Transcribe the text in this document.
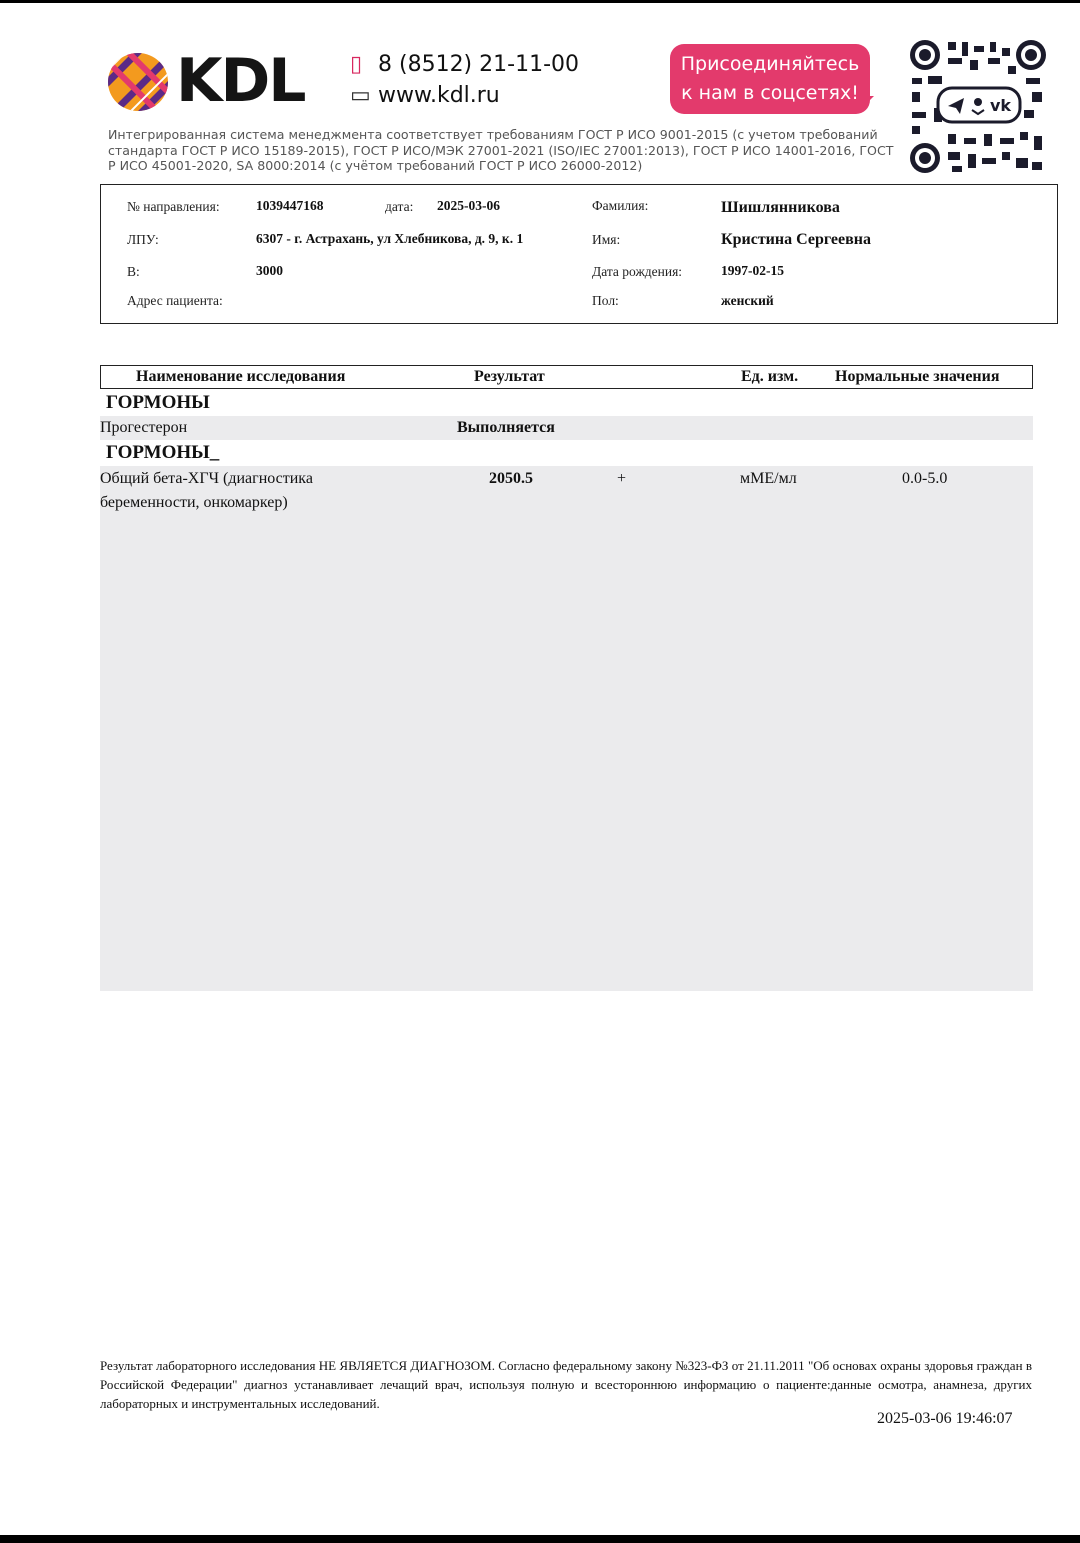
KDL ▯ 8 (8512) 21-11-00
▭ www.kdl.ru
Присоединяйтесь
к нам в соцсетях!
vk
Интегрированная система менеджмента соответствует требованиям ГОСТ Р ИСО 9001-2015 (с учетом требований стандарта ГОСТ Р ИСО 15189-2015), ГОСТ Р ИСО/МЭК 27001-2021 (ISO/IEC 27001:2013), ГОСТ Р ИСО 14001-2016, ГОСТ Р ИСО 45001-2020, SA 8000:2014 (с учётом требований ГОСТ Р ИСО 26000-2012)
№ направления:	1039447168	дата: 2025-03-06
ЛПУ:	6307 - г. Астрахань, ул Хлебникова, д. 9, к. 1
В:	3000
Адрес пациента:
Фамилия:	Шишлянникова
Имя:	Кристина Сергеевна
Дата рождения:	1997-02-15
Пол:	женский
Наименование исследования	Результат	Ед. изм. Нормальные значения
ГОРМОНЫ
Прогестерон	Выполняется
ГОРМОНЫ_
Общий бета-ХГЧ (диагностика
беременности, онкомаркер)
2050.5	+	мМЕ/мл	0.0-5.0
Результат лабораторного исследования НЕ ЯВЛЯЕТСЯ ДИАГНОЗОМ. Согласно федеральному закону №323-ФЗ от 21.11.2011 "Об основах охраны здоровья граждан в Российской Федерации" диагноз устанавливает лечащий врач, используя полную и всестороннюю информацию о пациенте:данные осмотра, анамнеза, других лабораторных и инструментальных исследований.
2025-03-06 19:46:07
